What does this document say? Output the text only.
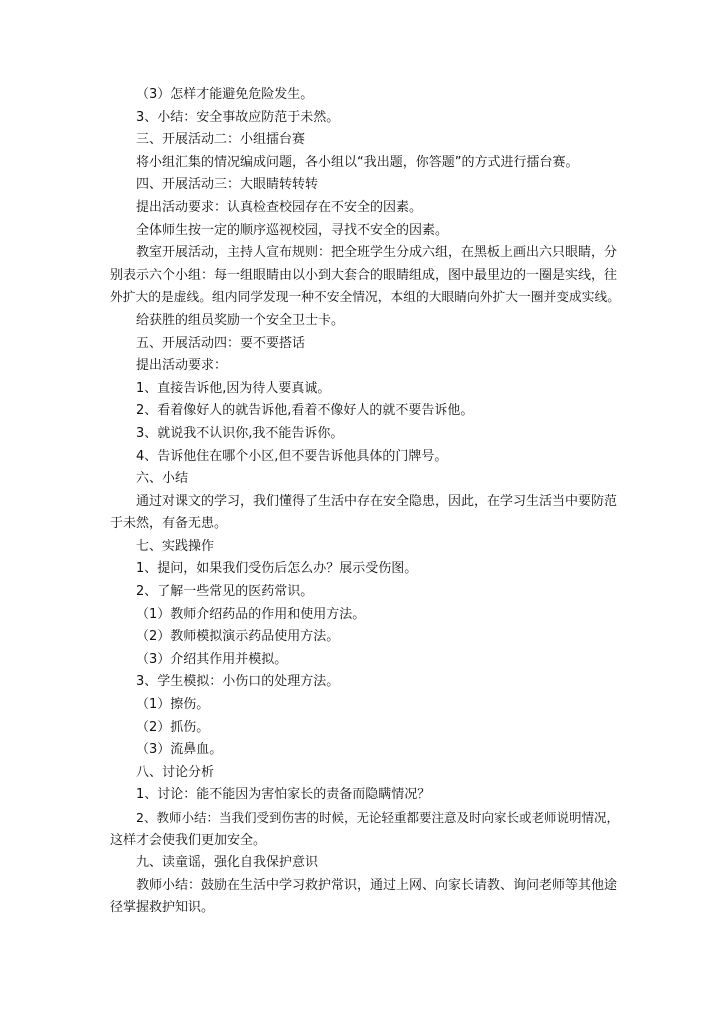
（3）怎样才能避免危险发生。

3、小结：安全事故应防范于未然。

三、开展活动二：小组擂台赛

将小组汇集的情况编成问题，各小组以“我出题，你答题”的方式进行擂台赛。

四、开展活动三：大眼睛转转转

提出活动要求：认真检查校园存在不安全的因素。

全体师生按一定的顺序巡视校园，寻找不安全的因素。

教室开展活动，主持人宣布规则：把全班学生分成六组，在黑板上画出六只眼睛，分

别表示六个小组：每一组眼睛由以小到大套合的眼睛组成，图中最里边的一圈是实线，往

外扩大的是虚线。组内同学发现一种不安全情况，本组的大眼睛向外扩大一圈并变成实线。

给获胜的组员奖励一个安全卫士卡。

五、开展活动四：要不要搭话

提出活动要求：

1、直接告诉他,因为待人要真诚。

2、看着像好人的就告诉他,看着不像好人的就不要告诉他。

3、就说我不认识你,我不能告诉你。

4、告诉他住在哪个小区,但不要告诉他具体的门牌号。

六、小结

通过对课文的学习，我们懂得了生活中存在安全隐患，因此，在学习生活当中要防范

于未然，有备无患。

七、实践操作

1、提问，如果我们受伤后怎么办？展示受伤图。

2、了解一些常见的医药常识。

（1）教师介绍药品的作用和使用方法。

（2）教师模拟演示药品使用方法。

（3）介绍其作用并模拟。

3、学生模拟：小伤口的处理方法。

（1）擦伤。

（2）抓伤。

（3）流鼻血。

八、讨论分析

1、讨论：能不能因为害怕家长的责备而隐瞒情况？

2、教师小结：当我们受到伤害的时候，无论轻重都要注意及时向家长或老师说明情况，

这样才会使我们更加安全。

九、读童谣，强化自我保护意识

教师小结：鼓励在生活中学习救护常识，通过上网、向家长请教、询问老师等其他途

径掌握救护知识。
